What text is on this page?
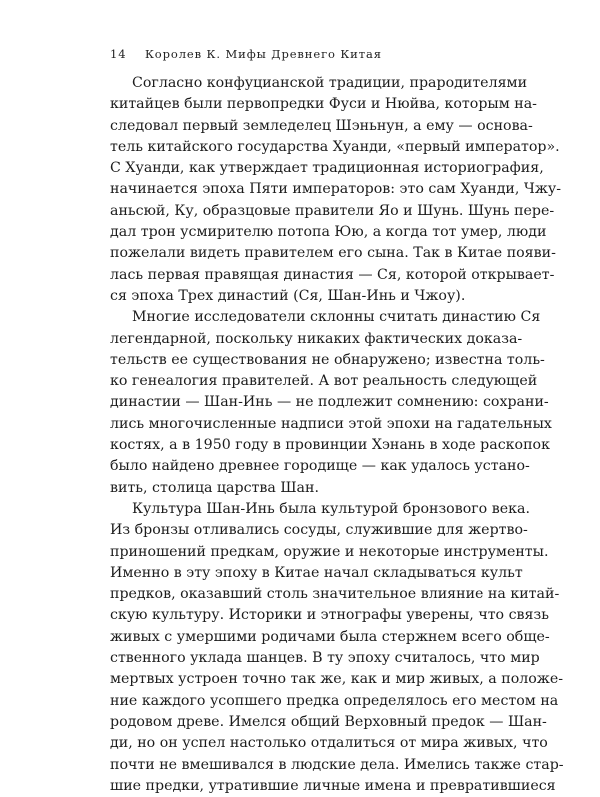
14 Королев К. Мифы Древнего Китая
Согласно конфуцианской традиции, прародителями
китайцев были первопредки Фуси и Нюйва, которым на-
следовал первый земледелец Шэньнун, а ему — основа-
тель китайского государства Хуанди, «первый император».
С Хуанди, как утверждает традиционная историография,
начинается эпоха Пяти императоров: это сам Хуанди, Чжу-
аньсюй, Ку, образцовые правители Яо и Шунь. Шунь пере-
дал трон усмирителю потопа Юю, а когда тот умер, люди
пожелали видеть правителем его сына. Так в Китае появи-
лась первая правящая династия — Ся, которой открывает-
ся эпоха Трех династий (Ся, Шан-Инь и Чжоу).
Многие исследователи склонны считать династию Ся
легендарной, поскольку никаких фактических доказа-
тельств ее существования не обнаружено; известна толь-
ко генеалогия правителей. А вот реальность следующей
династии — Шан-Инь — не подлежит сомнению: сохрани-
лись многочисленные надписи этой эпохи на гадательных
костях, а в 1950 году в провинции Хэнань в ходе раскопок
было найдено древнее городище — как удалось устано-
вить, столица царства Шан.
Культура Шан-Инь была культурой бронзового века.
Из бронзы отливались сосуды, служившие для жертво-
приношений предкам, оружие и некоторые инструменты.
Именно в эту эпоху в Китае начал складываться культ
предков, оказавший столь значительное влияние на китай-
скую культуру. Историки и этнографы уверены, что связь
живых с умершими родичами была стержнем всего обще-
ственного уклада шанцев. В ту эпоху считалось, что мир
мертвых устроен точно так же, как и мир живых, а положе-
ние каждого усопшего предка определялось его местом на
родовом древе. Имелся общий Верховный предок — Шан-
ди, но он успел настолько отдалиться от мира живых, что
почти не вмешивался в людские дела. Имелись также стар-
шие предки, утратившие личные имена и превратившиеся
